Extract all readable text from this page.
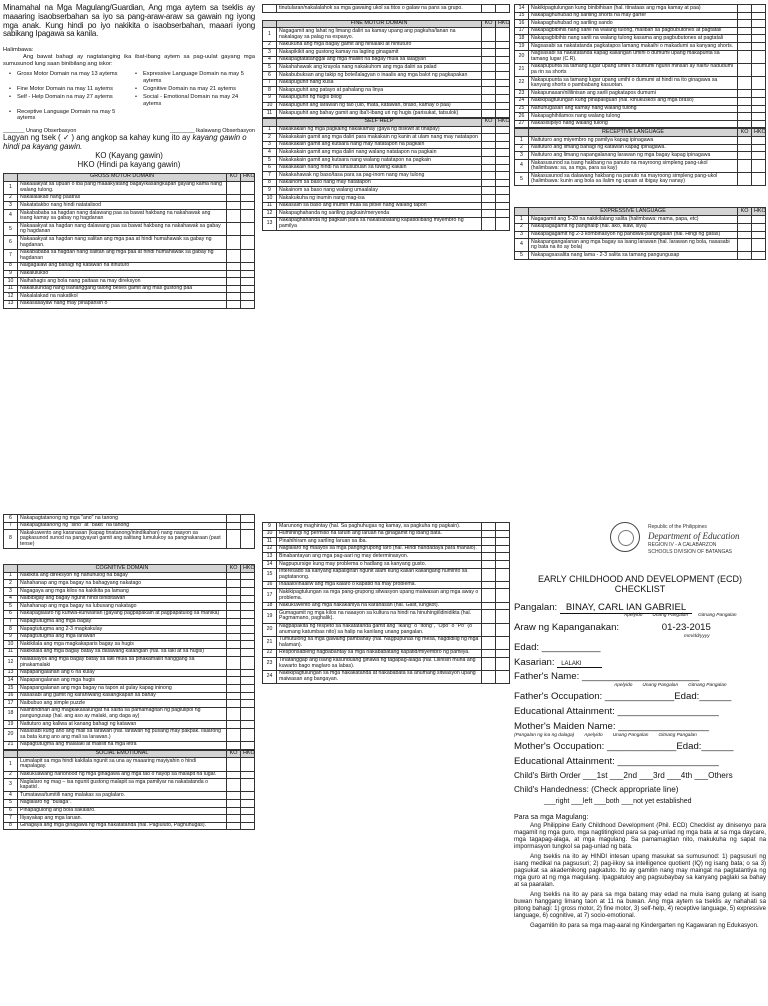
Minamahal na Mga Magulang/Guardian, Ang mga aytem sa tseklis ay maaaring isaobserbahan sa iyo sa pang-araw-araw sa gawain ng iyong mga anak. Kung hindi po iyo nakikita o isaobserbahan, maaari iyong sabikang Ipagawa sa kanila.

Halimbawa:

Ang bawat bahagi ay nagtatanging ika ibat-ibang aytem sa pag-uulat gayang mga sumusunod lung saan binibilang ang iskor:

• Gross Motor Domain na may 13 aytems	• Expressive Language Domain na may 5 aytems
• Fine Motor Domain na may 11 aytems	• Cognitive Domain na may 21 aytems
• Self - Help Domain na may 27 aytems	• Social - Emotional Domain na may 24 aytems
• Receptive Language Domain na may 5 aytems
_______ Unang Obserbasyon	________ Ikalawang Obserbasyon

Lagyan ng tsek ( ✓ ) ang angkop sa kahay kung ito ay kayang gawin o hindi pa kayang gawin.

KO (Kayang gawin)

HKO (Hindi pa kayang gawin)

	GROSS MOTOR DOMAIN	KO	HKO
1	Nakaaakyat sa upuan o iba pang maaakyatang bagay/kasangkapan gayang kama nang walang tulong.		
2	Nakalalakad nang paatras		
3	Nakatatakbo nang hindi natatalisod		
4	Nakabababa sa hagdan nang dalawang paa sa bawat hakbang na nakahawak ang isang kamay sa gabay ng hagdanan		
5	Nakaaakyat sa hagdan nang dalawang paa sa bawat hakbang na nakahawak sa gabay ng hagdanan		
6	Nakaaakyat sa hagdan nang salitan ang mga paa at hindi humahawak sa gabay ng hagdanan.		
7	Nakabababa sa hagdan nang salitan ang mga paa at hindi humahawak sa gabay ng hagdanan		
8	Naigagalaw ang bahagi ng katawan na itinuturo		
9	Nakalulukso		
10	Naihahagis ang bola nang paitaas na may direksyon		
11	Nakalulundag nang isahanggang talong beses gamit ang mas gustong paa		
12	Nakalalakad na nakatikol		
13	Nakasasayaw nang may pinapansin o		
	tinutularan/nakalalahok sa mga gawaing ukol sa titos o galaw na pans sa grupo.		
	FINE MOTOR DOMAIN	KO	HKO
1	Nagagamit ang lahat ng limang daliri sa kamay upang ang pagkuha/lanan na nakalagay sa palag na espasyo.		
2	Nakukuha ang mga bagay gamit ang hinlalaki at hintuturo		
3	Nakapikikit ang gustong kamay na lagiing ginagamit		
4	Nakapagtatatanggal ang mga maliliit na bagay mula sa lalagyan		
5	Nakahahawak ang krayola nang nakakuhom ang mga daliri sa palad		
6	Nakabubuksan ang takip ng bote/lalagyan o inaalis ang mga balot ng pagkapakan		
7	Nakapuguhit nang kusa		
8	Nakapuguhit ang patayo at pahalang na linya		
9	Nakapuguhit ng hugis bilog		
10	Nakapuguhit ang larawan ng tao (ulo, mata, katawan, braso, kamay o paa)		
11	Nakapuguhit ang bahay gamit ang iba't-ibang uri ng hugis (parisukat, tatsulok)		
	SELF HELP	KO	HKO
1	Nakakakain ng mga pagkaing nakakamay (gaya ng biskwit at tinapay)		
2	Nakakakain gamit ang mga daliri para makakain ng kanin at ulam nang may natatapon		
3	Nakakakain gamit ang kutsara nang may natatapon na pagkain		
4	Nakakakain gamit ang mga daliri nang walang natatapon na pagkain		
5	Nakakakain gamit ang kutsara nang walang natatapon na pagkain		
6	Nakakakain nang hindi na sinusubuan sa tuwing kakain		
7	Nakakahawak ng baso/tasa para sa pag-inom nang may tulong		
8	Nakainom sa baso nang may natatapon		
9	Nakainom sa baso nang walang umaalalay		
10	Nakakukuha ng inumin nang mag-isa		
11	Nakasalin sa baso ang inumin mula sa pitsel nang walang tapon		
12	Nakapaghahanda ng sariling pagkain/meryenda		
13	Nakapaghahanda ng pagkain para sa nakababatang kapatid/ibang miyembro ng pamilya		
14	Nakikipagtulungan kung binibihisan (hal. itinataas ang mga kamay at paa)		
15	Nakapaghuhubad ng sariling shorts na may garter		
16	Nakapaghuhubad ng sariling sando		
17	Nakapagbibihis nang sarili na walang tulong, maliban sa pagbubutones at pagtatali		
18	Nakapagbibihis nang sarili na walang tulong kasama ang pagbubutones at pagtatali		
19	Nagsasabi sa nakatatanda pagkatapos lamang makaihi o makadumi sa kanyang shorts.		
20	Nagsasabi sa nakatatanda kapag kailangan umihi o dumumi upang makapunta sa tamang lugar (C.R).		
21	Nakapupunta sa tamang lugar upang umihi o dumumi ngunit minsan ay naihi/ nadudumi pa rin sa shorts		
22	Nakapupunta sa tamang lugar upang umihi o dumumi at hindi na ito ginagawa sa kanyang shorts o pambabang kasuotan.		
23	Nakapunasan/nililinisan ang sarili pagkatapos dumumi		
24	Nakikipagtulungan kung pinapaliguan (hal. kinukuskos ang mga braso)		
25	Nahuhugasan ang kamay nang walang tulong		
26	Nakapaghihilamos nang walang tulong		
27	Nakasisipilyo nang walang tulong		
	RECEPTIVE LANGUAGE	KO	HKO
1	Naituturo ang miyembro ng pamilya kapag ipinagawa		
2	Naituturo ang limang bahagi ng katawan kapag ipinagawa.		
3	Naituturo ang limang napangalanang larawan ng mga bagay kapag ipinagawa		
4	Nakasusunod sa isang hakbang na panuto na mayroong simpleng pang-ukol (halimbawa: sa, sa mga, para sa kay)		
5	Nakasusunod sa dalawang hakbang na panuto na mayroong simpleng pang-ukol (halimbawa: kunin ang bola sa ilalim ng upuan at ibigay kay nanay)		
	EXPRESSIVE LANGUAGE	KO	HKO
1	Nagagamit ang 5-20 na nakikilalang salita (halimbawa: mama, papa, etc)		
2	Nakapagagamit ng panghalip (hal. ako, ikaw, siya)		
3	Nakapagagamit ng 2-3 kombinasyon ng pandiwa-pangngalan (hal. Hingi ng gatas)		
4	Nakapangangalanan ang mga bagay sa isang larawan (hal. larawan ng bola, nasasabi ng bata na ito ay bola)		
5	Nakapagsasalita nang lama - 2-3 salita sa tamang pangungusap		
6	Nakapagtatanong ng mga "ano" na tanong		
7	Nakapagtatanong ng "sino" at "bakit" na tanong		
8	Nakakuwento ang karanasan (kapag tinatanong/inindikahan) nang naayon sa pagkasunod sunod na pangyayari gamit ang salitang lumulukoy sa pangnakaraan (past tense)		
	COGNITIVE DOMAIN	KO	HKO
1	Nakikita ang direksyon ng nahuhulog na bagay		
2	Nahahanap ang mga bagay na bahagyang nakatago		
3	Nagagaya ang mga kilos na kakikita pa lamang		
4	Naibibigay ang bagay ngunit hindi binibitawan		
5	Nahahanap ang mga bagay na lubusang nakatago		
6	Nakapaglalaro ng kunwa-kunwarian (gayang pagpapakain at pagpapatulog sa manika)		
7	Napagtutugma ang mga bagay		
8	Napagtutugma ang 2-3 magkakulay		
9	Napagtutugma ang mga larawan		
10	Nakikilala ang mga magkakaparis bagay sa hugis		
11	Nakikilala ang mga bagay batay sa dalawang katangian (hal. sa laki at sa hugis)		
12	Naiaasayos ang mga bagay batay sa laki mula sa pinakamaliit hanggang sa pinakamalaki		
13	Napapangalanan ang 6 na kulay		
14	Napapangalanan ang mga hugis		
15	Napapangalanan ang mga bagay na tapon at gulay kapag ininong		
16	Nasasabi ang gamit ng karaniwang kasangkapan sa bahay		
17	Naibubuo ang simple puzzle		
18	Naiintindihan ang magkakasalungat na salita sa pamamagitan ng paglulipol ng pangungusap (hal. ang aso ay malaki, ang daga ay)		
19	Naituturo ang kaliwa at kanang bahagi ng katawan		
20	Nasasabi kung ano ang mali sa larawan (hal. larawan ng pusang may pakpak. Ilalarong sa bata kung ano ang mali sa larawan.)		
21	Napagtutugma ang malalaki at maliliit na mga letra		
	SOCIAL EMOTIONAL	KO	HKO
1	Lumalapit sa mga hindi kakilala ngunit sa una ay maaaring mayiyahin o hindi mapalagay.		
2	Nakukuawang nanonood ng mga ginagawa ang mga tao o hayop sa malapit na lugar.		
3	Naglalaro ng mag – isa ngunit gustong malapit sa mga pamilyar na nakatatanda o kapatid .		
4	Tumatawa/tumitili nang malakas sa paglalaro.		
5	Naglalaro ng "bulaga".		
6	Pinapagulong ang bola sakalaro.		
7	Iliyayakap ang mga laruan.		
8	Ginagaya ang mga ginagawa ng mga nakatatanda (hal. Pagluluto, Paghuhugas).		
9	Marunong maghintay (hal. Sa paghuhugas ng kamay, sa pagkuha ng pagkain).		
10	Humihingi ng permiso na laruin ang laruan na ginagamit ng ibang bata.		
11	Pinahihiram ang sariling laruan sa iba.		
12	Naglalaro ng maayos sa mga pangngrupong laro (hal. Hindi nandadaya para manalo).		
13	Binabantayan ang mga pag-aari ng may determinasyon.		
14	Nagpupursige kung may problema o hadlang sa kanyang gusto.		
15	Interesado sa kanyang kapaligiran ngunit alam kung kailan kailangang huminto sa pagtatanong.		
16	Inaaalo/inaaliw ang mga kalaro o kapatid na may problema.		
17	Nakikipagtulungan sa mga pang-grupong sitwasyon upang maiwasan ang mga away o problema.		
18	Nakukuwento ang mga nakakahiya na karanasan (hal. Galit, lungkot).		
19	Gumagamit ng mga kilos na naaayon sa kultura na hindi na hinuhingi/idinidikta (hal. Pagmamano, paghalik).		
20	Nagpapakita ng respeto sa nakatatanda gamit ang "ikang" o "Itong", "Opo" o "Po" (o anumang katumbas nito) sa halip na kanilang unang pangalan.		
21	Tumutulong sa mga gawaing pambahay (hal. Nagpupunas ng mesa, nagdidilig ng mga halaman).		
22	Responsableng nagbabantay sa mga nakababatang kapatid/miyembro ng pamilya.		
23	Tinatanggap ang isang kasunduang ginawa ng tagapag-alaga (hal. Lilinisin muna ang kuwarto bago maglaro sa labas).		
24	Nakikipagtulungan sa mga nakakatanda at nakababata sa anumang sitwasyon upang maiwasan ang bangayan.		
Republic of the Philippines
Department of Education
REGION IV - A CALABARZON
SCHOOLS DIVISION OF BATANGAS
EARLY CHILDHOOD AND DEVELOPMENT (ECD)
CHECKLIST
Pangalan: BINAY, CARL IAN GABRIEL
Apelyido Unang Pangalan Gitnang Pangalan
Araw ng Kapanganakan:	01-23-2015
mm/dd/yyyy
Edad: ___________
Kasarian: LALAKI
Father's Name: ______________________
Apelyido Unang Pangalan Gitnang Pangalan
Father's Occupation: _____________Edad:______
Educational Attainment: ___________________
Mother's Maiden Name: _________________
(Pangalan ng ina ng dalaga) Apelyido Unang Pangalan Gitnang Pangalan
Mother's Occupation: _____________Edad:______
Educational Attainment: ___________________
Child's Birth Order ___1st ___2nd ___3rd ___4th ___Others
Child's Handedness: (Check appropriate line)
___right ___left ___both ___not yet established

Para sa mga Magulang:

Ang Philippine Early Childhood Development (Phil. ECD) Checklist ay dinisenyo para magamit ng mga guro, mga nagtitingkod para sa pag-unlad ng mga bata at sa mga daycare, mga tagapag-alaga, at mga magulang. Sa pamamagitan nito, makukuha ng sapat na impormasyon tungkol sa pag-unlad ng bata.

Ang tseklis na ito ay HINDI intesan upang masukat sa sumusunod: 1) pagsusuri ng isang medikal na pagsusuri; 2) pag-iikoy sa intelligence quotient (IQ) ng isang bata; o sa 3) pagsukat sa akademikong pagkatuto. Ito ay gamitin nang may maingat na pagtatantiya ng mga guro at ng mga magulang. Ipagpatuloy ang pagsubaybay sa kanyang paglaki sa bahay at sa paaralan.

Ang tseklis na ito ay para sa mga batang may edad na mula isang gulang at isang buwan hanggang limang taon at 11 na buwan. Ang mga aytem sa tseklis ay nahahati sa pitong bahagi: 1) gross motor, 2) fine motor, 3) self-help, 4) receptive language, 5) expressive language, 6) cognitive, at 7) socio-emotional.

Gagamitin ito para sa mga mag-aaral ng Kindergarten ng Kagawaran ng Edukasyon.
